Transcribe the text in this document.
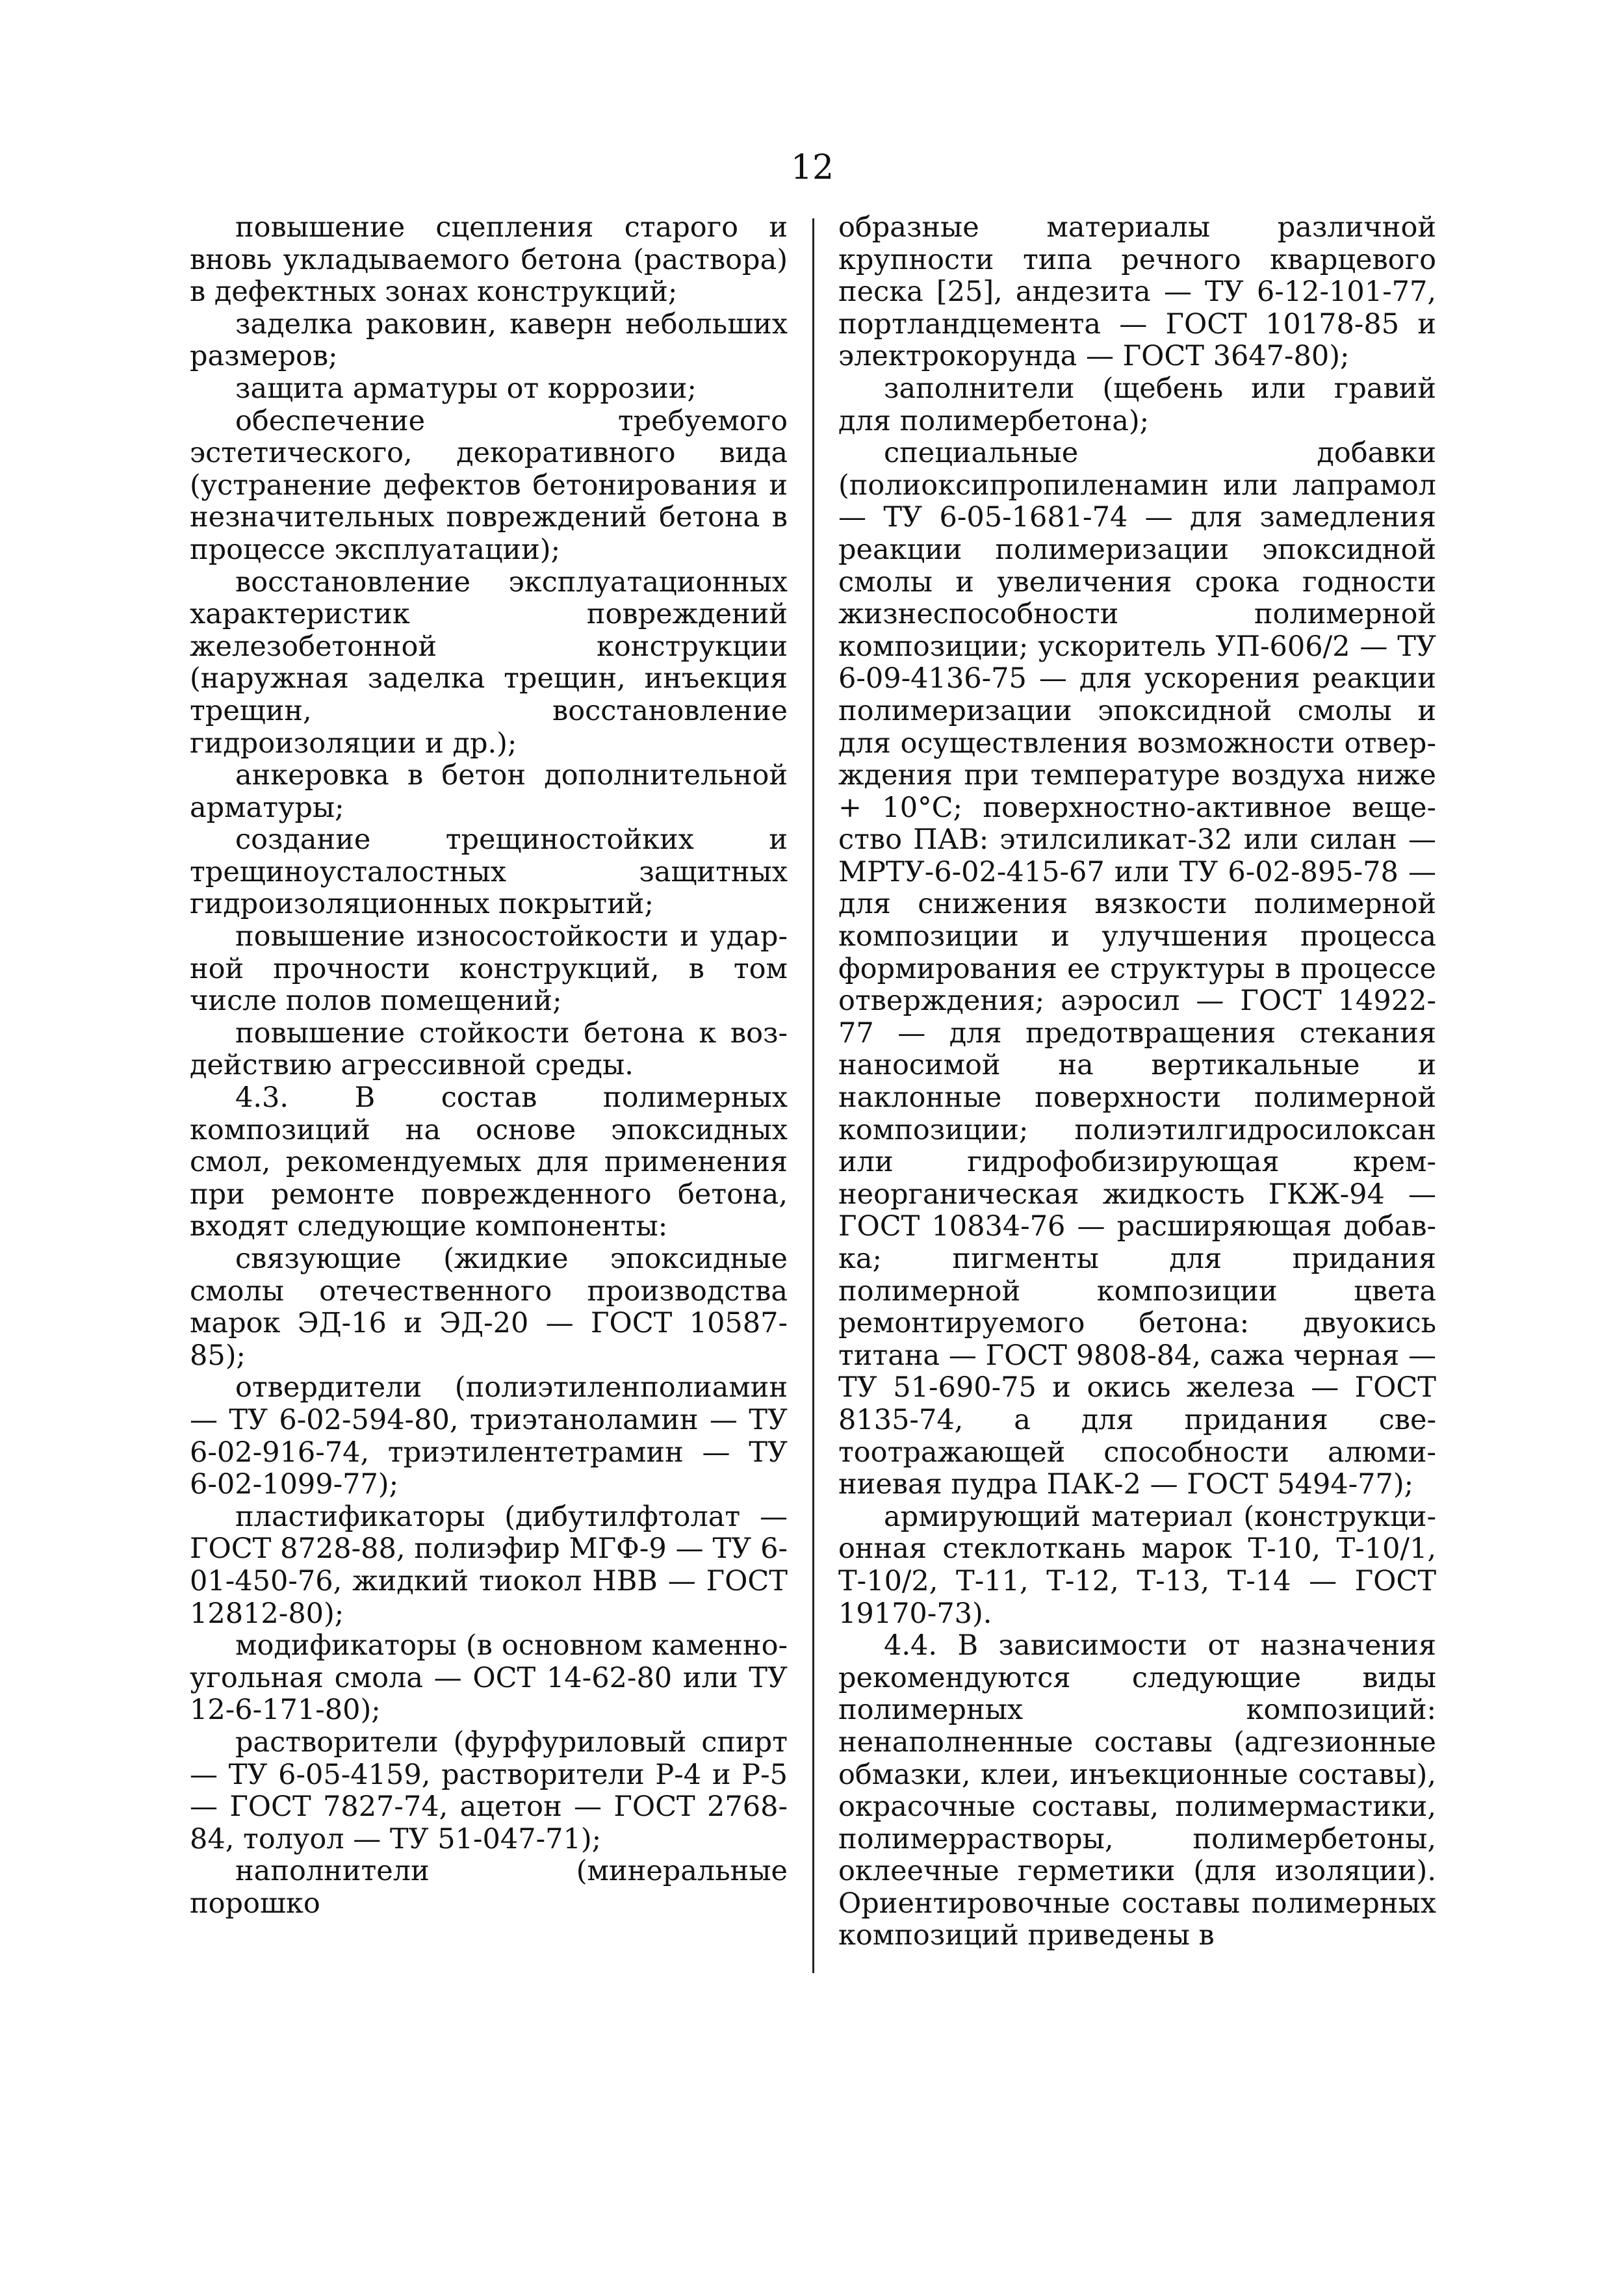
12

повышение сцепления старого и вновь укладываемого бетона (раствора) в дефектных зонах конструкций;

заделка раковин, каверн небольших размеров;

защита арматуры от коррозии;

обеспечение требуемого эстетического, декоративного вида (устранение дефектов бетонирования и незначительных повреждений бетона в процессе эксплуатации);

восстановление эксплуатационных характеристик повреждений железобетонной конструкции (наружная заделка трещин, инъекция трещин, восстановление гидроизоляции и др.);

анкеровка в бетон дополнительной арматуры;

создание трещиностойких и трещиноусталостных защитных гидроизоляционных покрытий;

повышение износостойкости и ударной прочности конструкций, в том числе полов помещений;

повышение стойкости бетона к воздействию агрессивной среды.

4.3. В состав полимерных композиций на основе эпоксидных смол, рекомендуемых для применения при ремонте поврежденного бетона, входят следующие компоненты:

связующие (жидкие эпоксидные смолы отечественного производства марок ЭД-16 и ЭД-20 — ГОСТ 10587-85);

отвердители (полиэтиленполиамин — ТУ 6-02-594-80, триэтаноламин — ТУ 6-02-916-74, триэтилентетрамин — ТУ 6-02-1099-77);

пластификаторы (дибутилфтолат — ГОСТ 8728-88, полиэфир МГФ-9 — ТУ 6-01-450-76, жидкий тиокол НВВ — ГОСТ 12812-80);

модификаторы (в основном каменноугольная смола — ОСТ 14-62-80 или ТУ 12-6-171-80);

растворители (фурфуриловый спирт — ТУ 6-05-4159, растворители Р-4 и Р-5 — ГОСТ 7827-74, ацетон — ГОСТ 2768-84, толуол — ТУ 51-047-71);

наполнители (минеральные порошко

образные материалы различной крупности типа речного кварцевого песка [25], андезита — ТУ 6-12-101-77, портландцемента — ГОСТ 10178-85 и электрокорунда — ГОСТ 3647-80);

заполнители (щебень или гравий для полимербетона);

специальные добавки (полиоксипропиленамин или лапрамол — ТУ 6-05-1681-74 — для замедления реакции полимеризации эпоксидной смолы и увеличения срока годности жизнеспособности полимерной композиции; ускоритель УП-606/2 — ТУ 6-09-4136-75 — для ускорения реакции полимеризации эпоксидной смолы и для осуществления возможности отверждения при температуре воздуха ниже + 10°С; поверхностно-активное вещество ПАВ: этилсиликат-32 или силан — МРТУ-6-02-415-67 или ТУ 6-02-895-78 — для снижения вязкости полимерной композиции и улучшения процесса формирования ее структуры в процессе отверждения; аэросил — ГОСТ 14922-77 — для предотвращения стекания наносимой на вертикальные и наклонные поверхности полимерной композиции; полиэтилгидросилоксан или гидрофобизирующая кремнеорганическая жидкость ГКЖ-94 — ГОСТ 10834-76 — расширяющая добавка; пигменты для придания полимерной композиции цвета ремонтируемого бетона: двуокись титана — ГОСТ 9808-84, сажа черная — ТУ 51-690-75 и окись железа — ГОСТ 8135-74, а для придания светоотражающей способности алюминиевая пудра ПАК-2 — ГОСТ 5494-77);

армирующий материал (конструкционная стеклоткань марок Т-10, Т-10/1, Т-10/2, Т-11, Т-12, Т-13, Т-14 — ГОСТ 19170-73).

4.4. В зависимости от назначения рекомендуются следующие виды полимерных композиций: ненаполненные составы (адгезионные обмазки, клеи, инъекционные составы), окрасочные составы, полимермастики, полимеррастворы, полимербетоны, оклеечные герметики (для изоляции). Ориентировочные составы полимерных композиций приведены в
